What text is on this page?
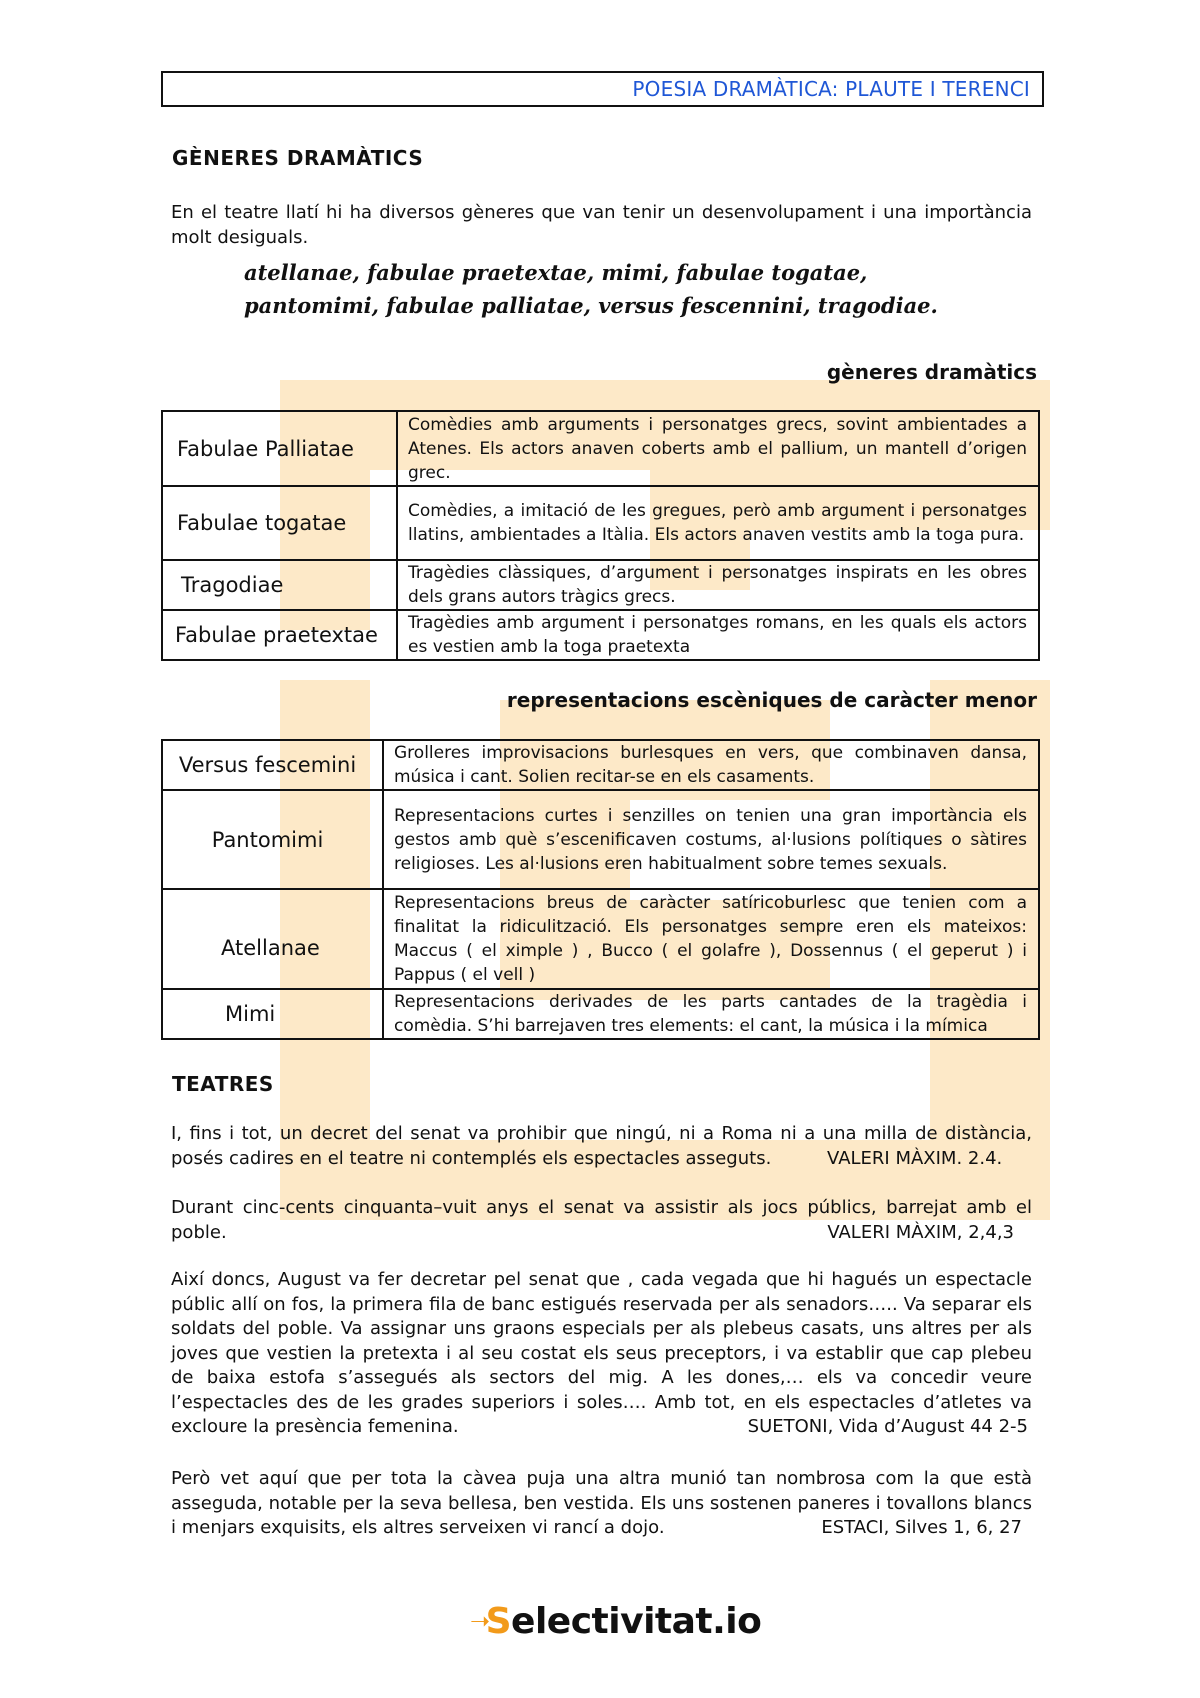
POESIA DRAMÀTICA: PLAUTE I TERENCI
GÈNERES DRAMÀTICS

En el teatre llatí hi ha diversos gèneres que van tenir un desenvolupament i una importància molt desiguals.

atellanae, fabulae praetextae, mimi, fabulae togatae,
pantomimi, fabulae palliatae, versus fescennini, tragodiae.
gèneres dramàtics
Fabulae Palliatae	Comèdies amb arguments i personatges grecs, sovint ambientades a Atenes. Els actors anaven coberts amb el pallium, un mantell d’origen grec.
Fabulae togatae	Comèdies, a imitació de les gregues, però amb argument i personatges llatins, ambientades a Itàlia. Els actors anaven vestits amb la toga pura.
Tragodiae	Tragèdies clàssiques, d’argument i personatges inspirats en les obres dels grans autors tràgics grecs.
Fabulae praetextae	Tragèdies amb argument i personatges romans, en les quals els actors es vestien amb la toga praetexta
representacions escèniques de caràcter menor
Versus fescemini	Grolleres improvisacions burlesques en vers, que combinaven dansa, música i cant. Solien recitar-se en els casaments.
Pantomimi	Representacions curtes i senzilles on tenien una gran importància els gestos amb què s’escenificaven costums, al·lusions polítiques o sàtires religioses. Les al·lusions eren habitualment sobre temes sexuals.
Atellanae	Representacions breus de caràcter satíricoburlesc que tenien com a finalitat la ridiculització. Els personatges sempre eren els mateixos: Maccus ( el ximple ) , Bucco ( el golafre ), Dossennus ( el geperut ) i Pappus ( el vell )
Mimi	Representacions derivades de les parts cantades de la tragèdia i comèdia. S’hi barrejaven tres elements: el cant, la música i la mímica
TEATRES

I, fins i tot, un decret del senat va prohibir que ningú, ni a Roma ni a una milla de distància, posés cadires en el teatre ni contemplés els espectacles asseguts.	VALERI MÀXIM. 2.4.

Durant cinc-cents cinquanta–vuit anys el senat va assistir als jocs públics, barrejat amb el poble.	VALERI MÀXIM, 2,4,3

Així doncs, August va fer decretar pel senat que , cada vegada que hi hagués un espectacle públic allí on fos, la primera fila de banc estigués reservada per als senadors….. Va separar els soldats del poble. Va assignar uns graons especials per als plebeus casats, uns altres per als joves que vestien la pretexta i al seu costat els seus preceptors, i va establir que cap plebeu de baixa estofa s’assegués als sectors del mig. A les dones,… els va concedir veure l’espectacles des de les grades superiors i soles…. Amb tot, en els espectacles d’atletes va excloure la presència femenina.	SUETONI, Vida d’August 44 2-5

Però vet aquí que per tota la càvea puja una altra munió tan nombrosa com la que està asseguda, notable per la seva bellesa, ben vestida. Els uns sostenen paneres i tovallons blancs i menjars exquisits, els altres serveixen vi rancí a dojo.	ESTACI, Silves 1, 6, 27

➝Selectivitat.io
